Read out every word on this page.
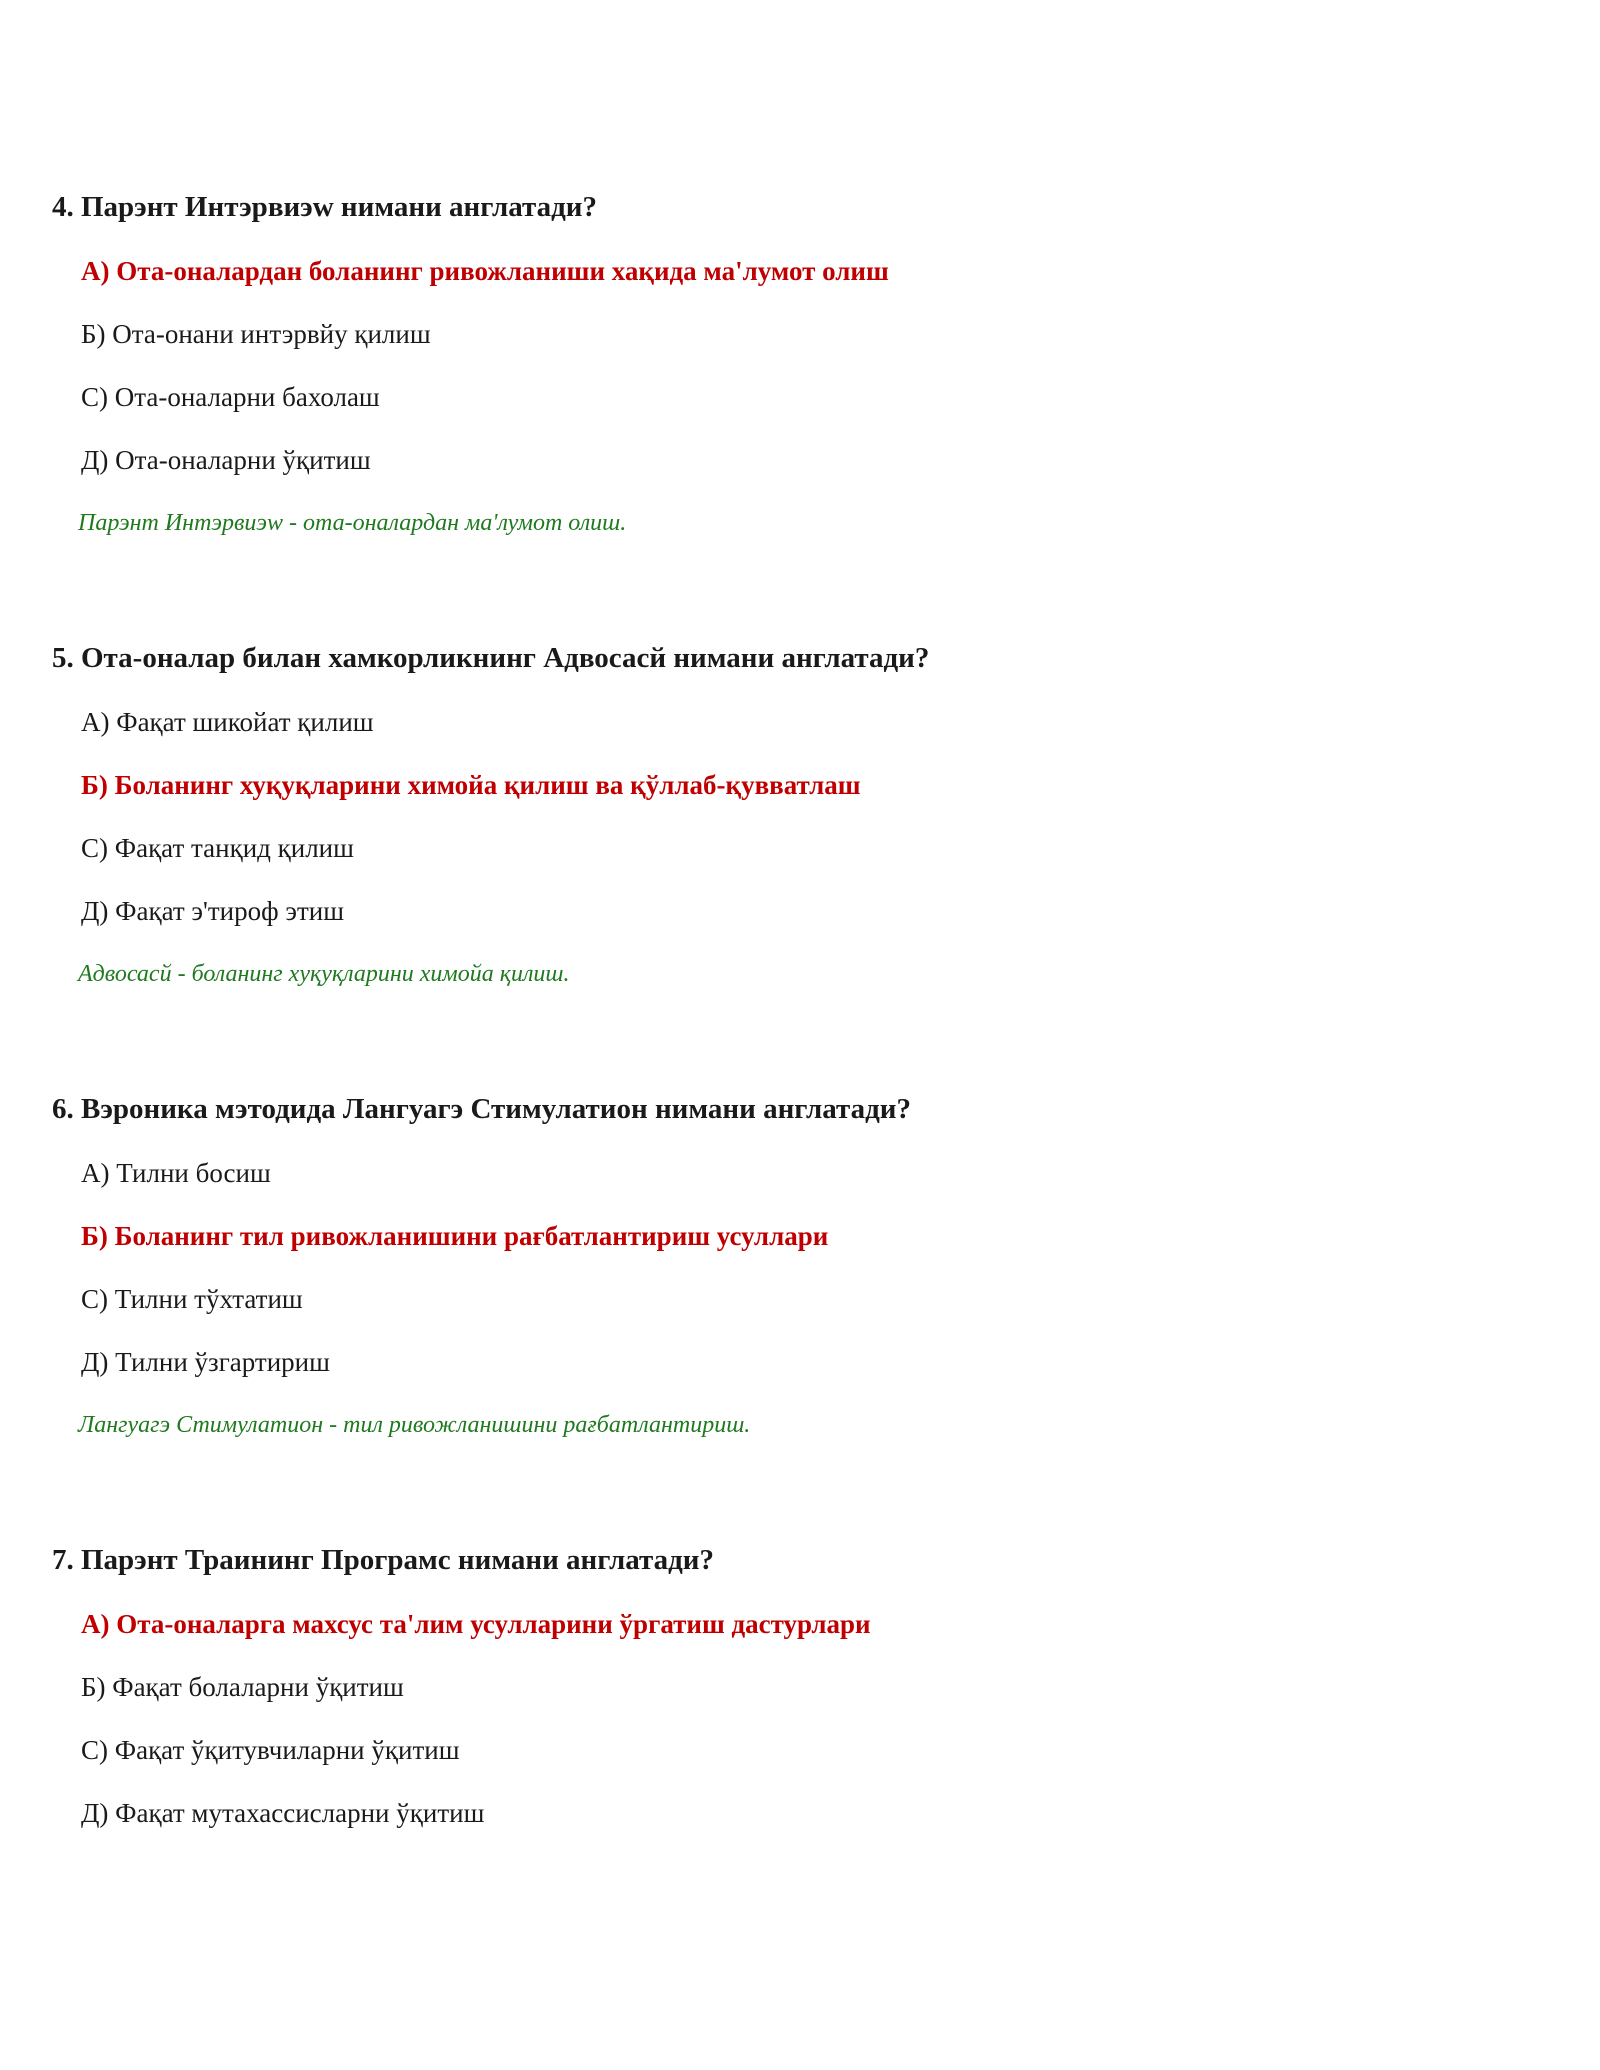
4. Парэнт Интэрвиэw нимани англатади?
А) Ота-оналардан боланинг ривожланиши хақида ма'лумот олиш
Б) Ота-онани интэрвйу қилиш
С) Ота-оналарни бахолаш
Д) Ота-оналарни ўқитиш
Парэнт Интэрвиэw - ота-оналардан ма'лумот олиш.
5. Ота-оналар билан хамкорликнинг Адвосасй нимани англатади?
А) Фақат шикойат қилиш
Б) Боланинг хуқуқларини химойа қилиш ва қўллаб-қувватлаш
С) Фақат танқид қилиш
Д) Фақат э'тироф этиш
Адвосасй - боланинг хуқуқларини химойа қилиш.
6. Вэроника мэтодида Лангуагэ Стимулатион нимани англатади?
А) Тилни босиш
Б) Боланинг тил ривожланишини рағбатлантириш усуллари
С) Тилни тўхтатиш
Д) Тилни ўзгартириш
Лангуагэ Стимулатион - тил ривожланишини рағбатлантириш.
7. Парэнт Траининг Програмс нимани англатади?
А) Ота-оналарга махсус та'лим усулларини ўргатиш дастурлари
Б) Фақат болаларни ўқитиш
С) Фақат ўқитувчиларни ўқитиш
Д) Фақат мутахассисларни ўқитиш
